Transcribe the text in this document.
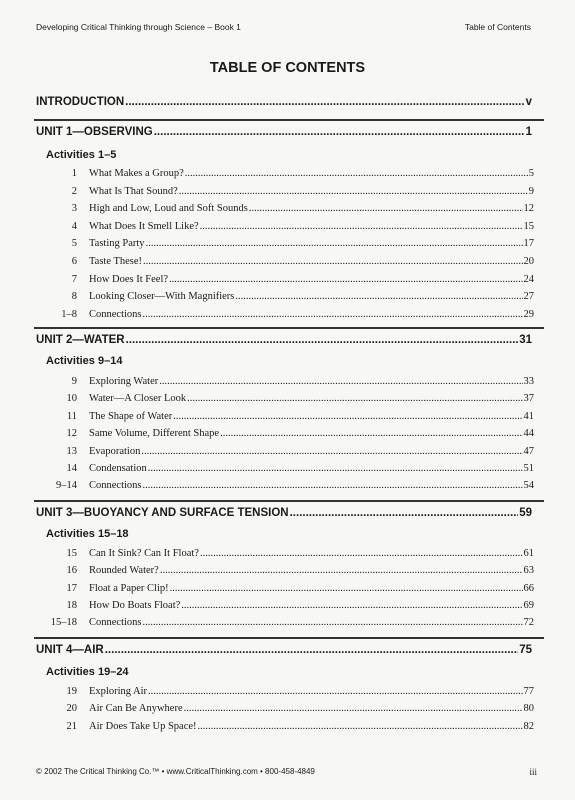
Developing Critical Thinking through Science – Book 1	Table of Contents
TABLE OF CONTENTS
INTRODUCTION .....	v
UNIT 1—OBSERVING .....	1
Activities 1–5
1 What Makes a Group? .....	5
2 What Is That Sound? .....	9
3 High and Low, Loud and Soft Sounds .....	12
4 What Does It Smell Like? .....	15
5 Tasting Party .....	17
6 Taste These! .....	20
7 How Does It Feel? .....	24
8 Looking Closer—With Magnifiers .....	27
1–8 Connections .....	29
UNIT 2—WATER .....	31
Activities 9–14
9 Exploring Water .....	33
10 Water—A Closer Look .....	37
11 The Shape of Water .....	41
12 Same Volume, Different Shape .....	44
13 Evaporation .....	47
14 Condensation .....	51
9–14 Connections .....	54
UNIT 3—BUOYANCY AND SURFACE TENSION .....	59
Activities 15–18
15 Can It Sink? Can It Float? .....	61
16 Rounded Water? .....	63
17 Float a Paper Clip! .....	66
18 How Do Boats Float? .....	69
15–18 Connections .....	72
UNIT 4—AIR .....	75
Activities 19–24
19 Exploring Air .....	77
20 Air Can Be Anywhere .....	80
21 Air Does Take Up Space! .....	82
© 2002 The Critical Thinking Co.™ • www.CriticalThinking.com • 800-458-4849	iii
